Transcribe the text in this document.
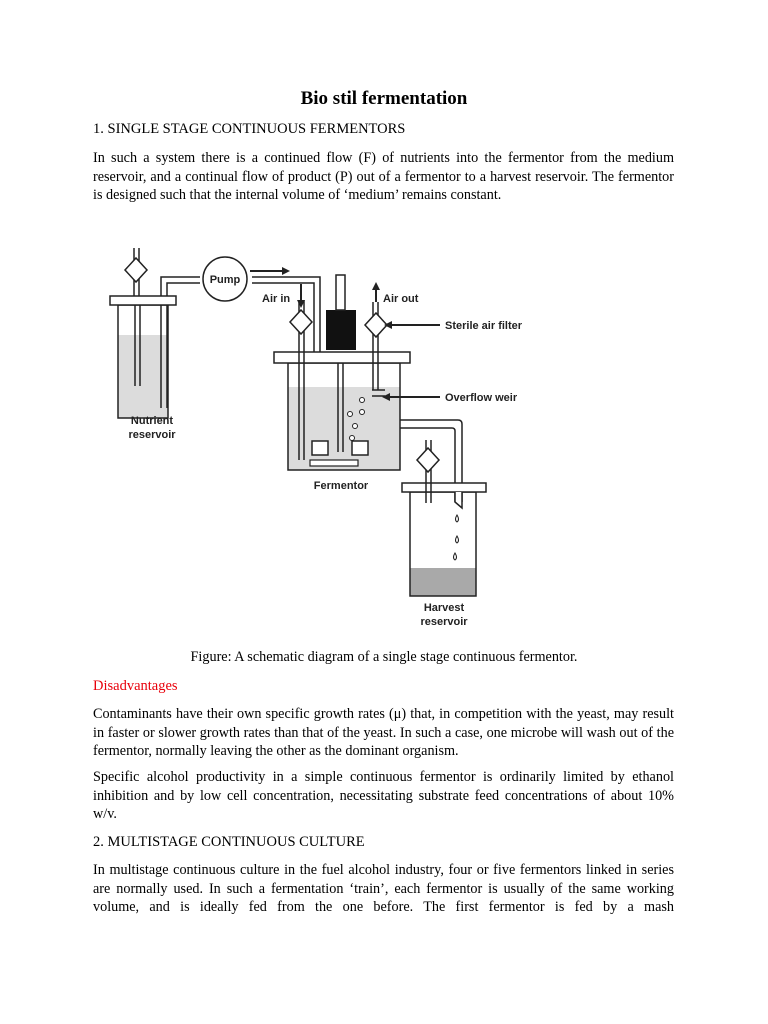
Bio stil fermentation
1. SINGLE STAGE CONTINUOUS FERMENTORS
In such a system there is a continued flow (F) of nutrients into the fermentor from the medium reservoir, and a continual flow of product (P) out of a fermentor to a harvest reservoir. The fermentor is designed such that the internal volume of ‘medium’ remains constant.
Pump
Air in	Air out
Sterile air filter
Overflow weir
Nutrient
reservoir
Fermentor
Harvest
reservoir
Figure: A schematic diagram of a single stage continuous fermentor.
Disadvantages
Contaminants have their own specific growth rates (μ) that, in competition with the yeast, may result in faster or slower growth rates than that of the yeast. In such a case, one microbe will wash out of the fermentor, normally leaving the other as the dominant organism.
Specific alcohol productivity in a simple continuous fermentor is ordinarily limited by ethanol inhibition and by low cell concentration, necessitating substrate feed concentrations of about 10% w/v.
2. MULTISTAGE CONTINUOUS CULTURE
In multistage continuous culture in the fuel alcohol industry, four or five fermentors linked in series are normally used. In such a fermentation ‘train’, each fermentor is usually of the same working volume, and is ideally fed from the one before. The first fermentor is fed by a mash
